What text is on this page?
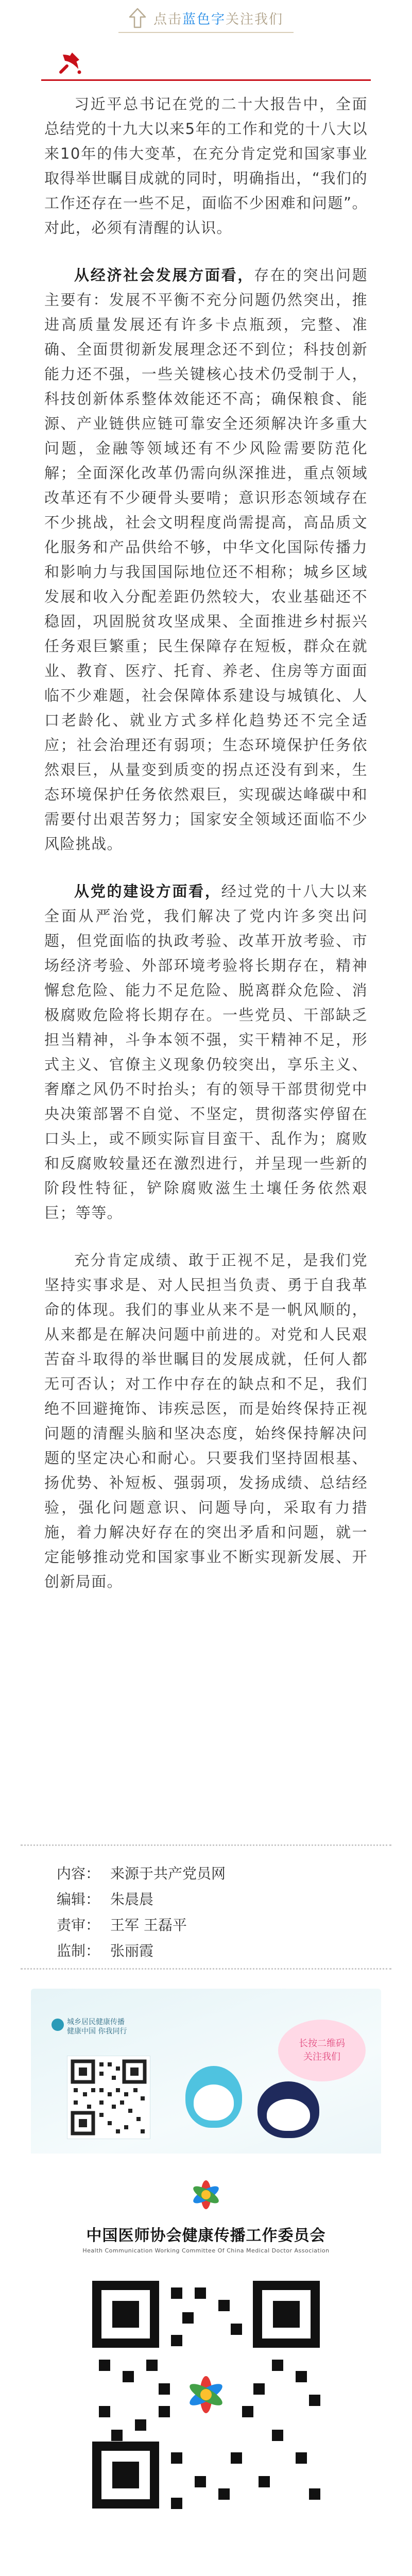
点击蓝色字关注我们

习近平总书记在党的二十大报告中，全面总结党的十九大以来5年的工作和党的十八大以来10年的伟大变革，在充分肯定党和国家事业取得举世瞩目成就的同时，明确指出，“我们的工作还存在一些不足，面临不少困难和问题”。对此，必须有清醒的认识。

从经济社会发展方面看，存在的突出问题主要有：发展不平衡不充分问题仍然突出，推进高质量发展还有许多卡点瓶颈，完整、准确、全面贯彻新发展理念还不到位；科技创新能力还不强，一些关键核心技术仍受制于人，科技创新体系整体效能还不高；确保粮食、能源、产业链供应链可靠安全还须解决许多重大问题，金融等领域还有不少风险需要防范化解；全面深化改革仍需向纵深推进，重点领域改革还有不少硬骨头要啃；意识形态领域存在不少挑战，社会文明程度尚需提高，高品质文化服务和产品供给不够，中华文化国际传播力和影响力与我国国际地位还不相称；城乡区域发展和收入分配差距仍然较大，农业基础还不稳固，巩固脱贫攻坚成果、全面推进乡村振兴任务艰巨繁重；民生保障存在短板，群众在就业、教育、医疗、托育、养老、住房等方面面临不少难题，社会保障体系建设与城镇化、人口老龄化、就业方式多样化趋势还不完全适应；社会治理还有弱项；生态环境保护任务依然艰巨，从量变到质变的拐点还没有到来，生态环境保护任务依然艰巨，实现碳达峰碳中和需要付出艰苦努力；国家安全领域还面临不少风险挑战。

从党的建设方面看，经过党的十八大以来全面从严治党，我们解决了党内许多突出问题，但党面临的执政考验、改革开放考验、市场经济考验、外部环境考验将长期存在，精神懈怠危险、能力不足危险、脱离群众危险、消极腐败危险将长期存在。一些党员、干部缺乏担当精神，斗争本领不强，实干精神不足，形式主义、官僚主义现象仍较突出，享乐主义、奢靡之风仍不时抬头；有的领导干部贯彻党中央决策部署不自觉、不坚定，贯彻落实停留在口头上，或不顾实际盲目蛮干、乱作为；腐败和反腐败较量还在激烈进行，并呈现一些新的阶段性特征，铲除腐败滋生土壤任务依然艰巨；等等。

充分肯定成绩、敢于正视不足，是我们党坚持实事求是、对人民担当负责、勇于自我革命的体现。我们的事业从来不是一帆风顺的，从来都是在解决问题中前进的。对党和人民艰苦奋斗取得的举世瞩目的发展成就，任何人都无可否认；对工作中存在的缺点和不足，我们绝不回避掩饰、讳疾忌医，而是始终保持正视问题的清醒头脑和坚决态度，始终保持解决问题的坚定决心和耐心。只要我们坚持固根基、扬优势、补短板、强弱项，发扬成绩、总结经验，强化问题意识、问题导向，采取有力措施，着力解决好存在的突出矛盾和问题，就一定能够推动党和国家事业不断实现新发展、开创新局面。

内容： 来源于共产党员网
编辑： 朱晨晨
责审： 王军 王磊平
监制： 张丽霞
城乡居民健康传播
健康中国 你我同行
长按二维码
关注我们
中国医师协会健康传播工作委员会
Health Communication Working Committee Of China Medical Doctor Association
